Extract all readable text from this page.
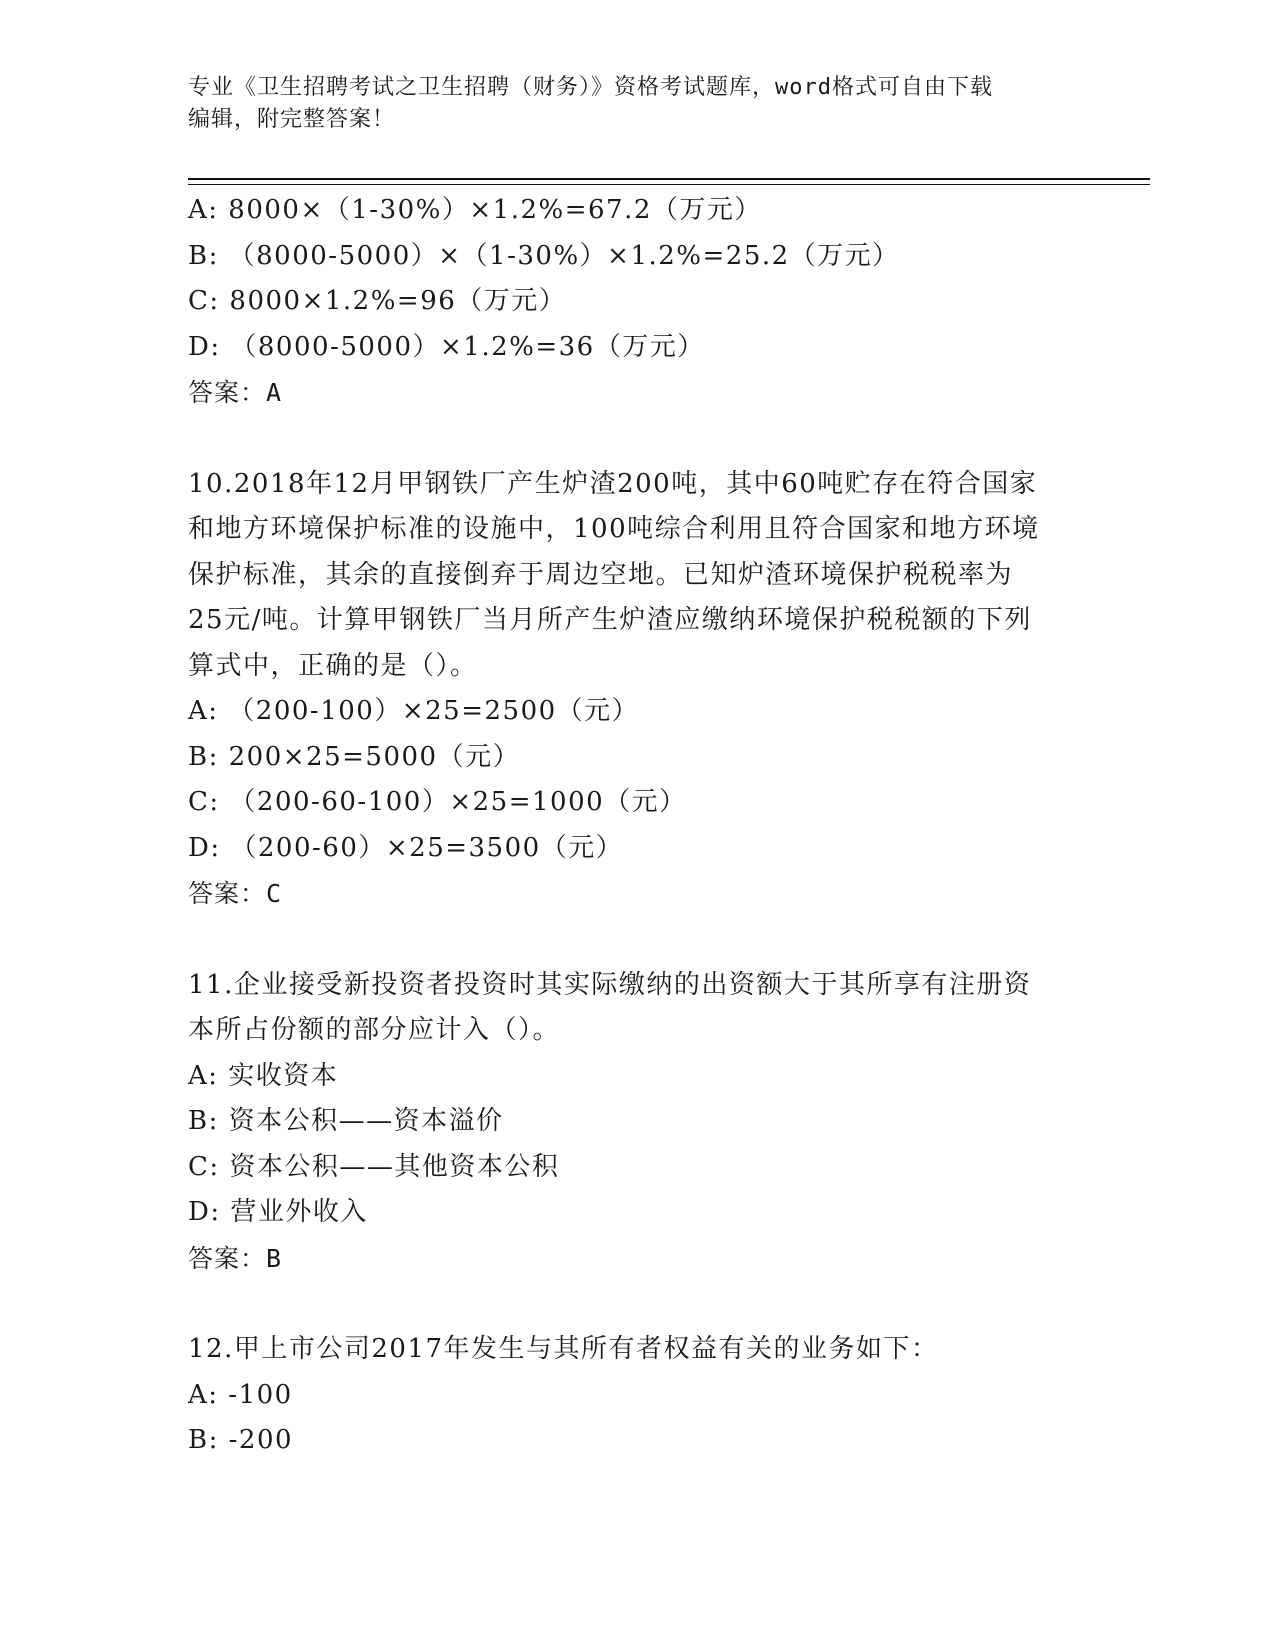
专业《卫生招聘考试之卫生招聘（财务）》资格考试题库，word格式可自由下载
编辑，附完整答案！
A: 8000×（1-30%）×1.2%=67.2（万元）
B: （8000-5000）×（1-30%）×1.2%=25.2（万元）
C: 8000×1.2%=96（万元）
D: （8000-5000）×1.2%=36（万元）
答案：A
10.2018年12月甲钢铁厂产生炉渣200吨，其中60吨贮存在符合国家
和地方环境保护标准的设施中，100吨综合利用且符合国家和地方环境
保护标准，其余的直接倒弃于周边空地。已知炉渣环境保护税税率为
25元/吨。计算甲钢铁厂当月所产生炉渣应缴纳环境保护税税额的下列
算式中，正确的是（）。
A: （200-100）×25=2500（元）
B: 200×25=5000（元）
C: （200-60-100）×25=1000（元）
D: （200-60）×25=3500（元）
答案：C
11.企业接受新投资者投资时其实际缴纳的出资额大于其所享有注册资
本所占份额的部分应计入（）。
A: 实收资本
B: 资本公积——资本溢价
C: 资本公积——其他资本公积
D: 营业外收入
答案：B
12.甲上市公司2017年发生与其所有者权益有关的业务如下：
A: -100
B: -200
